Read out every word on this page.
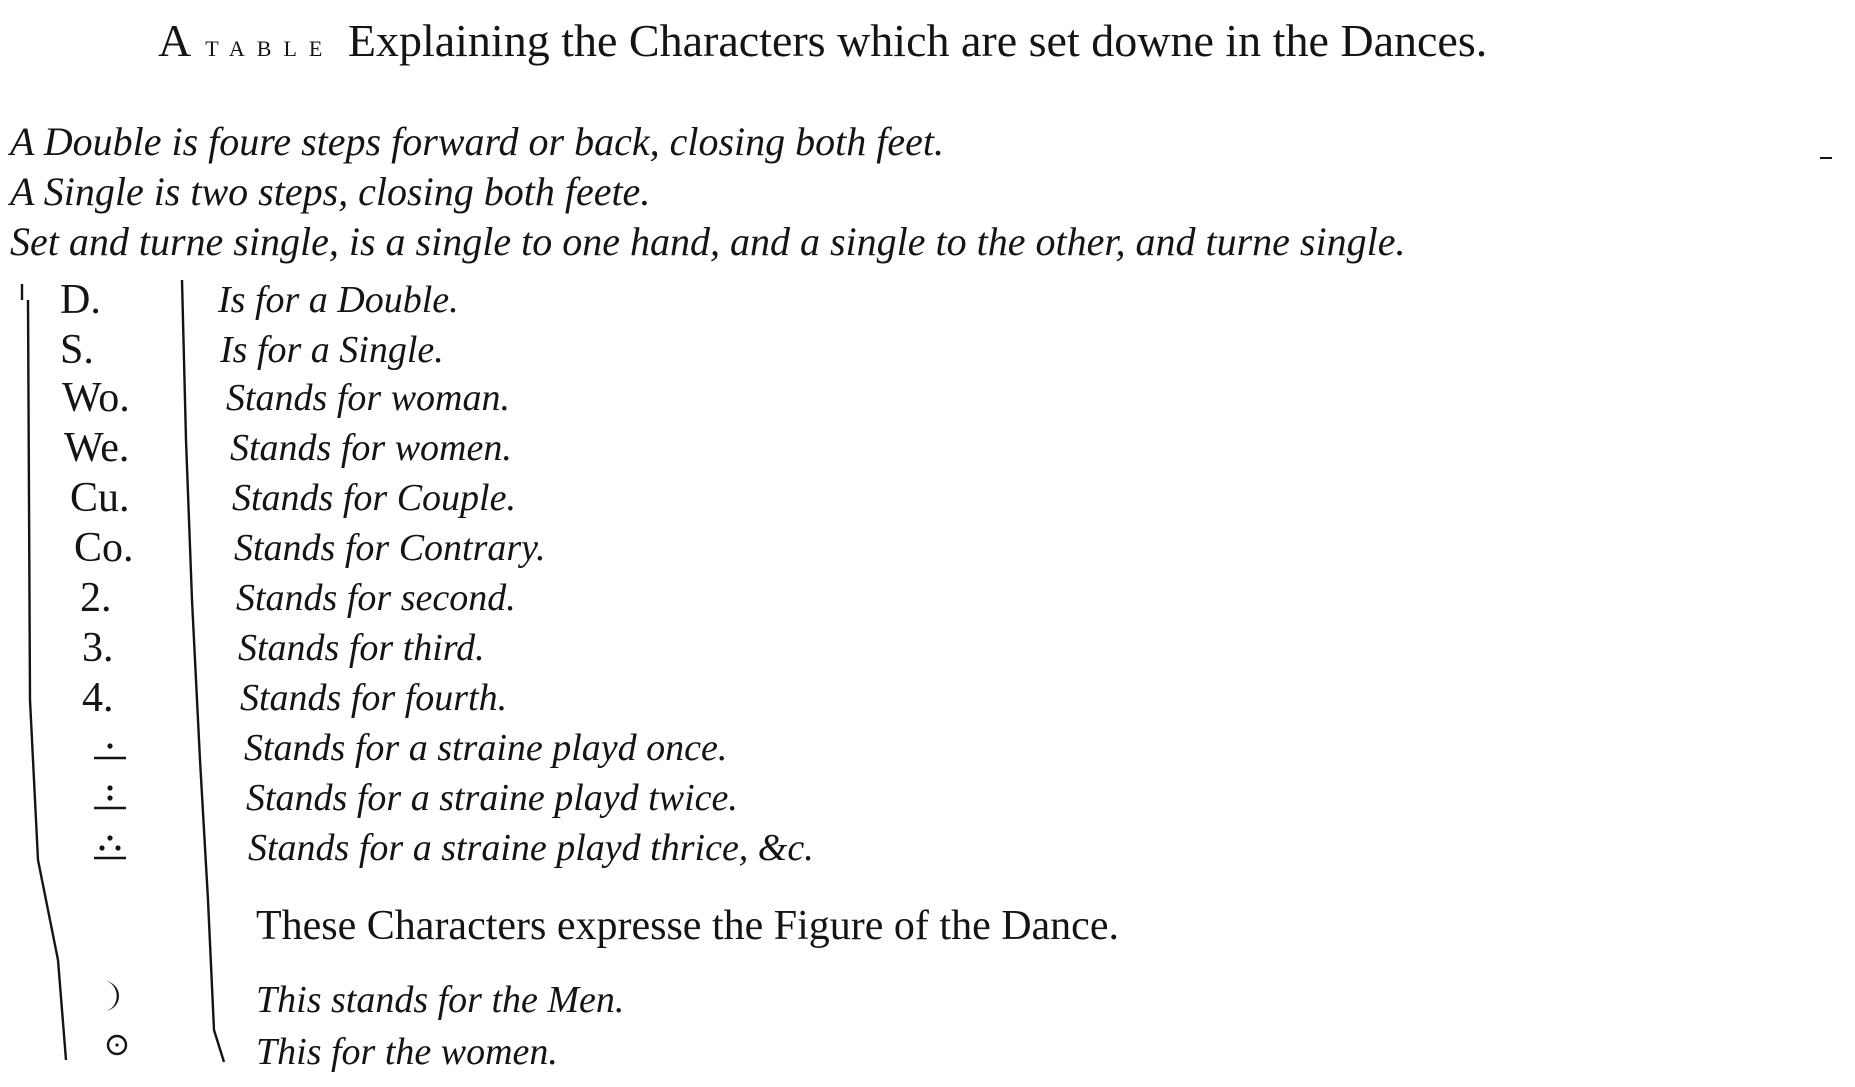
ATABLE Explaining the Characters which are set downe in the Dances.
A Double is foure steps forward or back, closing both feet.
A Single is two steps, closing both feete.
Set and turne single, is a single to one hand, and a single to the other, and turne single.
D.
S.
Wo.
We.
Cu.
Co.
2.
3.
4.
Is for a Double.
Is for a Single.
Stands for woman.
Stands for women.
Stands for Couple.
Stands for Contrary.
Stands for second.
Stands for third.
Stands for fourth.
Stands for a straine playd once.
Stands for a straine playd twice.
Stands for a straine playd thrice, &c.
These Characters expresse the Figure of the Dance.
This stands for the Men.
This for the women.
